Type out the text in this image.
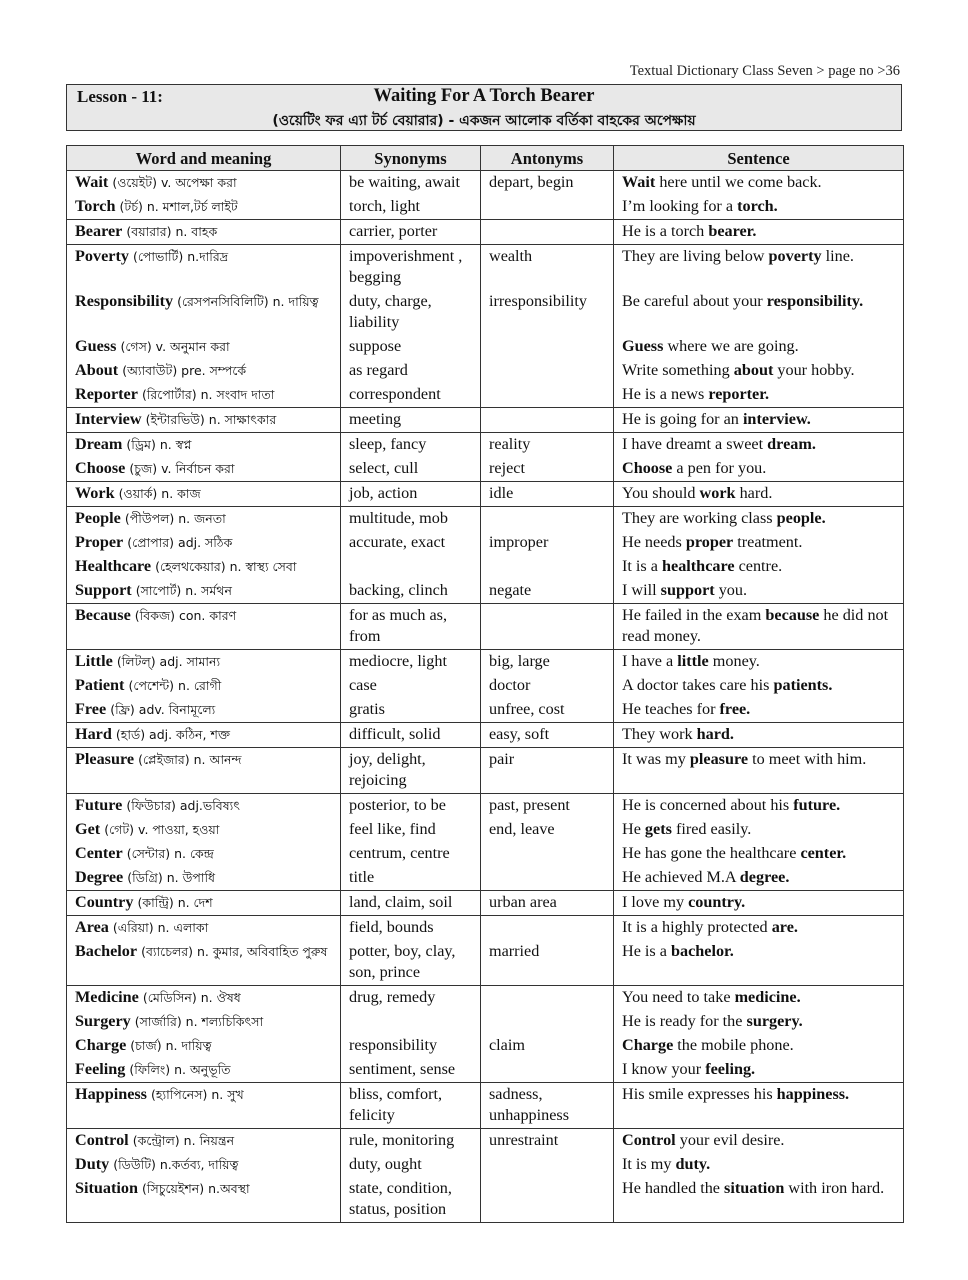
Textual Dictionary Class Seven > page no >36
Lesson - 11:	Waiting For A Torch Bearer
(ওয়েটিং ফর এ্যা টর্চ বেয়ারার) - একজন আলোক বর্তিকা বাহকের অপেক্ষায়
Word and meaning	Synonyms	Antonyms	Sentence
Wait (ওয়েইট) v. অপেক্ষা করা	be waiting, await	depart, begin	Wait here until we come back.
Torch (টর্চ) n. মশাল,টর্চ লাইট	torch, light		I’m looking for a torch.
Bearer (বয়ারার) n. বাহক	carrier, porter		He is a torch bearer.
Poverty (পোভার্টি) n.দারিদ্র	impoverishment , begging	wealth	They are living below poverty line.
Responsibility (রেসপনসিবিলিটি) n. দায়িত্ব	duty, charge, liability	irresponsibility	Be careful about your responsibility.
Guess (গেস) v. অনুমান করা	suppose		Guess where we are going.
About (অ্যাবাউট) pre. সম্পর্কে	as regard		Write something about your hobby.
Reporter (রিপোর্টার) n. সংবাদ দাতা	correspondent		He is a news reporter.
Interview (ইন্টারভিউ) n. সাক্ষাৎকার	meeting		He is going for an interview.
Dream (ড্রিম) n. স্বপ্ন	sleep, fancy	reality	I have dreamt a sweet dream.
Choose (চুজ) v. নির্বাচন করা	select, cull	reject	Choose a pen for you.
Work (ওয়ার্ক) n. কাজ	job, action	idle	You should work hard.
People (পীউপল) n. জনতা	multitude, mob		They are working class people.
Proper (প্রোপার) adj. সঠিক	accurate, exact	improper	He needs proper treatment.
Healthcare (হেলথকেয়ার) n. স্বাস্থ্য সেবা			It is a healthcare centre.
Support (সাপোর্ট) n. সর্মথন	backing, clinch	negate	I will support you.
Because (বিকজ) con. কারণ	for as much as, from		He failed in the exam because he did not read money.
Little (লিটল্) adj. সামান্য	mediocre, light	big, large	I have a little money.
Patient (পেশেন্ট) n. রোগী	case	doctor	A doctor takes care his patients.
Free (ফ্রি) adv. বিনামূল্যে	gratis	unfree, cost	He teaches for free.
Hard (হার্ড) adj. কঠিন, শক্ত	difficult, solid	easy, soft	They work hard.
Pleasure (প্লেইজার) n. আনন্দ	joy, delight, rejoicing	pair	It was my pleasure to meet with him.
Future (ফিউচার) adj.ভবিষ্যৎ	posterior, to be	past, present	He is concerned about his future.
Get (গেট) v. পাওয়া, হওয়া	feel like, find	end, leave	He gets fired easily.
Center (সেন্টার) n. কেন্দ্র	centrum, centre		He has gone the healthcare center.
Degree (ডিগ্রি) n. উপাধি	title		He achieved M.A degree.
Country (কান্ট্রি) n. দেশ	land, claim, soil	urban area	I love my country.
Area (এরিয়া) n. এলাকা	field, bounds		It is a highly protected are.
Bachelor (ব্যাচেলর) n. কুমার, অবিবাহিত পুরুষ	potter, boy, clay, son, prince	married	He is a bachelor.
Medicine (মেডিসিন) n. ঔষধ	drug, remedy		You need to take medicine.
Surgery (সার্জারি) n. শল্যচিকিৎসা			He is ready for the surgery.
Charge (চার্জ) n. দায়িত্ব	responsibility	claim	Charge the mobile phone.
Feeling (ফিলিং) n. অনুভূতি	sentiment, sense		I know your feeling.
Happiness (হ্যাপিনেস) n. সুখ	bliss, comfort, felicity	sadness, unhappiness	His smile expresses his happiness.
Control (কন্ট্রোল) n. নিয়ন্ত্রন	rule, monitoring	unrestraint	Control your evil desire.
Duty (ডিউটি) n.কর্তব্য, দায়িত্ব	duty, ought		It is my duty.
Situation (সিচুয়েইশন) n.অবস্থা	state, condition, status, position		He handled the situation with iron hard.
